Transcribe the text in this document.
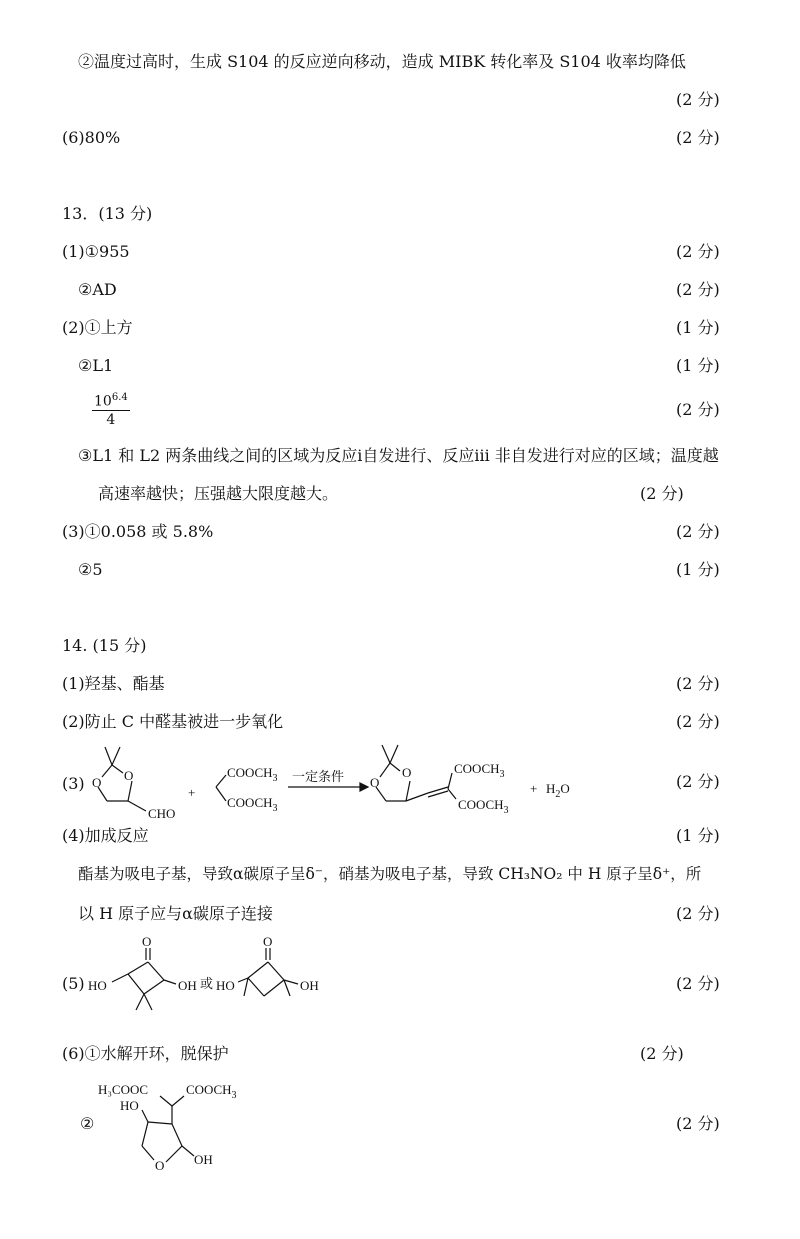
②温度过高时，生成 S104 的反应逆向移动，造成 MIBK 转化率及 S104 收率均降低
(2 分)
(6)80%	(2 分)
13．(13 分)
(1)①955	(2 分)
②AD	(2 分)
(2)①上方	(1 分)
②L1	(1 分)
$\frac{10^{6.4}}{4}$	(2 分)
③L1 和 L2 两条曲线之间的区域为反应ⅰ自发进行、反应ⅲ 非自发进行对应的区域；温度越
高速率越快；压强越大限度越大。	(2 分)
(3)①0.058 或 5.8%	(2 分)
②5	(1 分)
14. (15 分)
(1)羟基、酯基	(2 分)
(2)防止 C 中醛基被进一步氧化	(2 分)
(3)	O
O
CHO
+
$COOCH_3$
$COOCH_3$
一定条件	O
O
$COOCH_3$
$COOCH_3$
+ $H_2O$	(2 分)
(4)加成反应	(1 分)
酯基为吸电子基，导致α碳原子呈δ⁻，硝基为吸电子基，导致 CH₃NO₂ 中 H 原子呈δ⁺，所
以 H 原子应与α碳原子连接	(2 分)
(5)
O
HO	OH 或
O
HO	OH	(2 分)
(6)①水解开环，脱保护	(2 分)
②
H₃COOC	$COOCH_3$
HO
O OH
(2 分)
